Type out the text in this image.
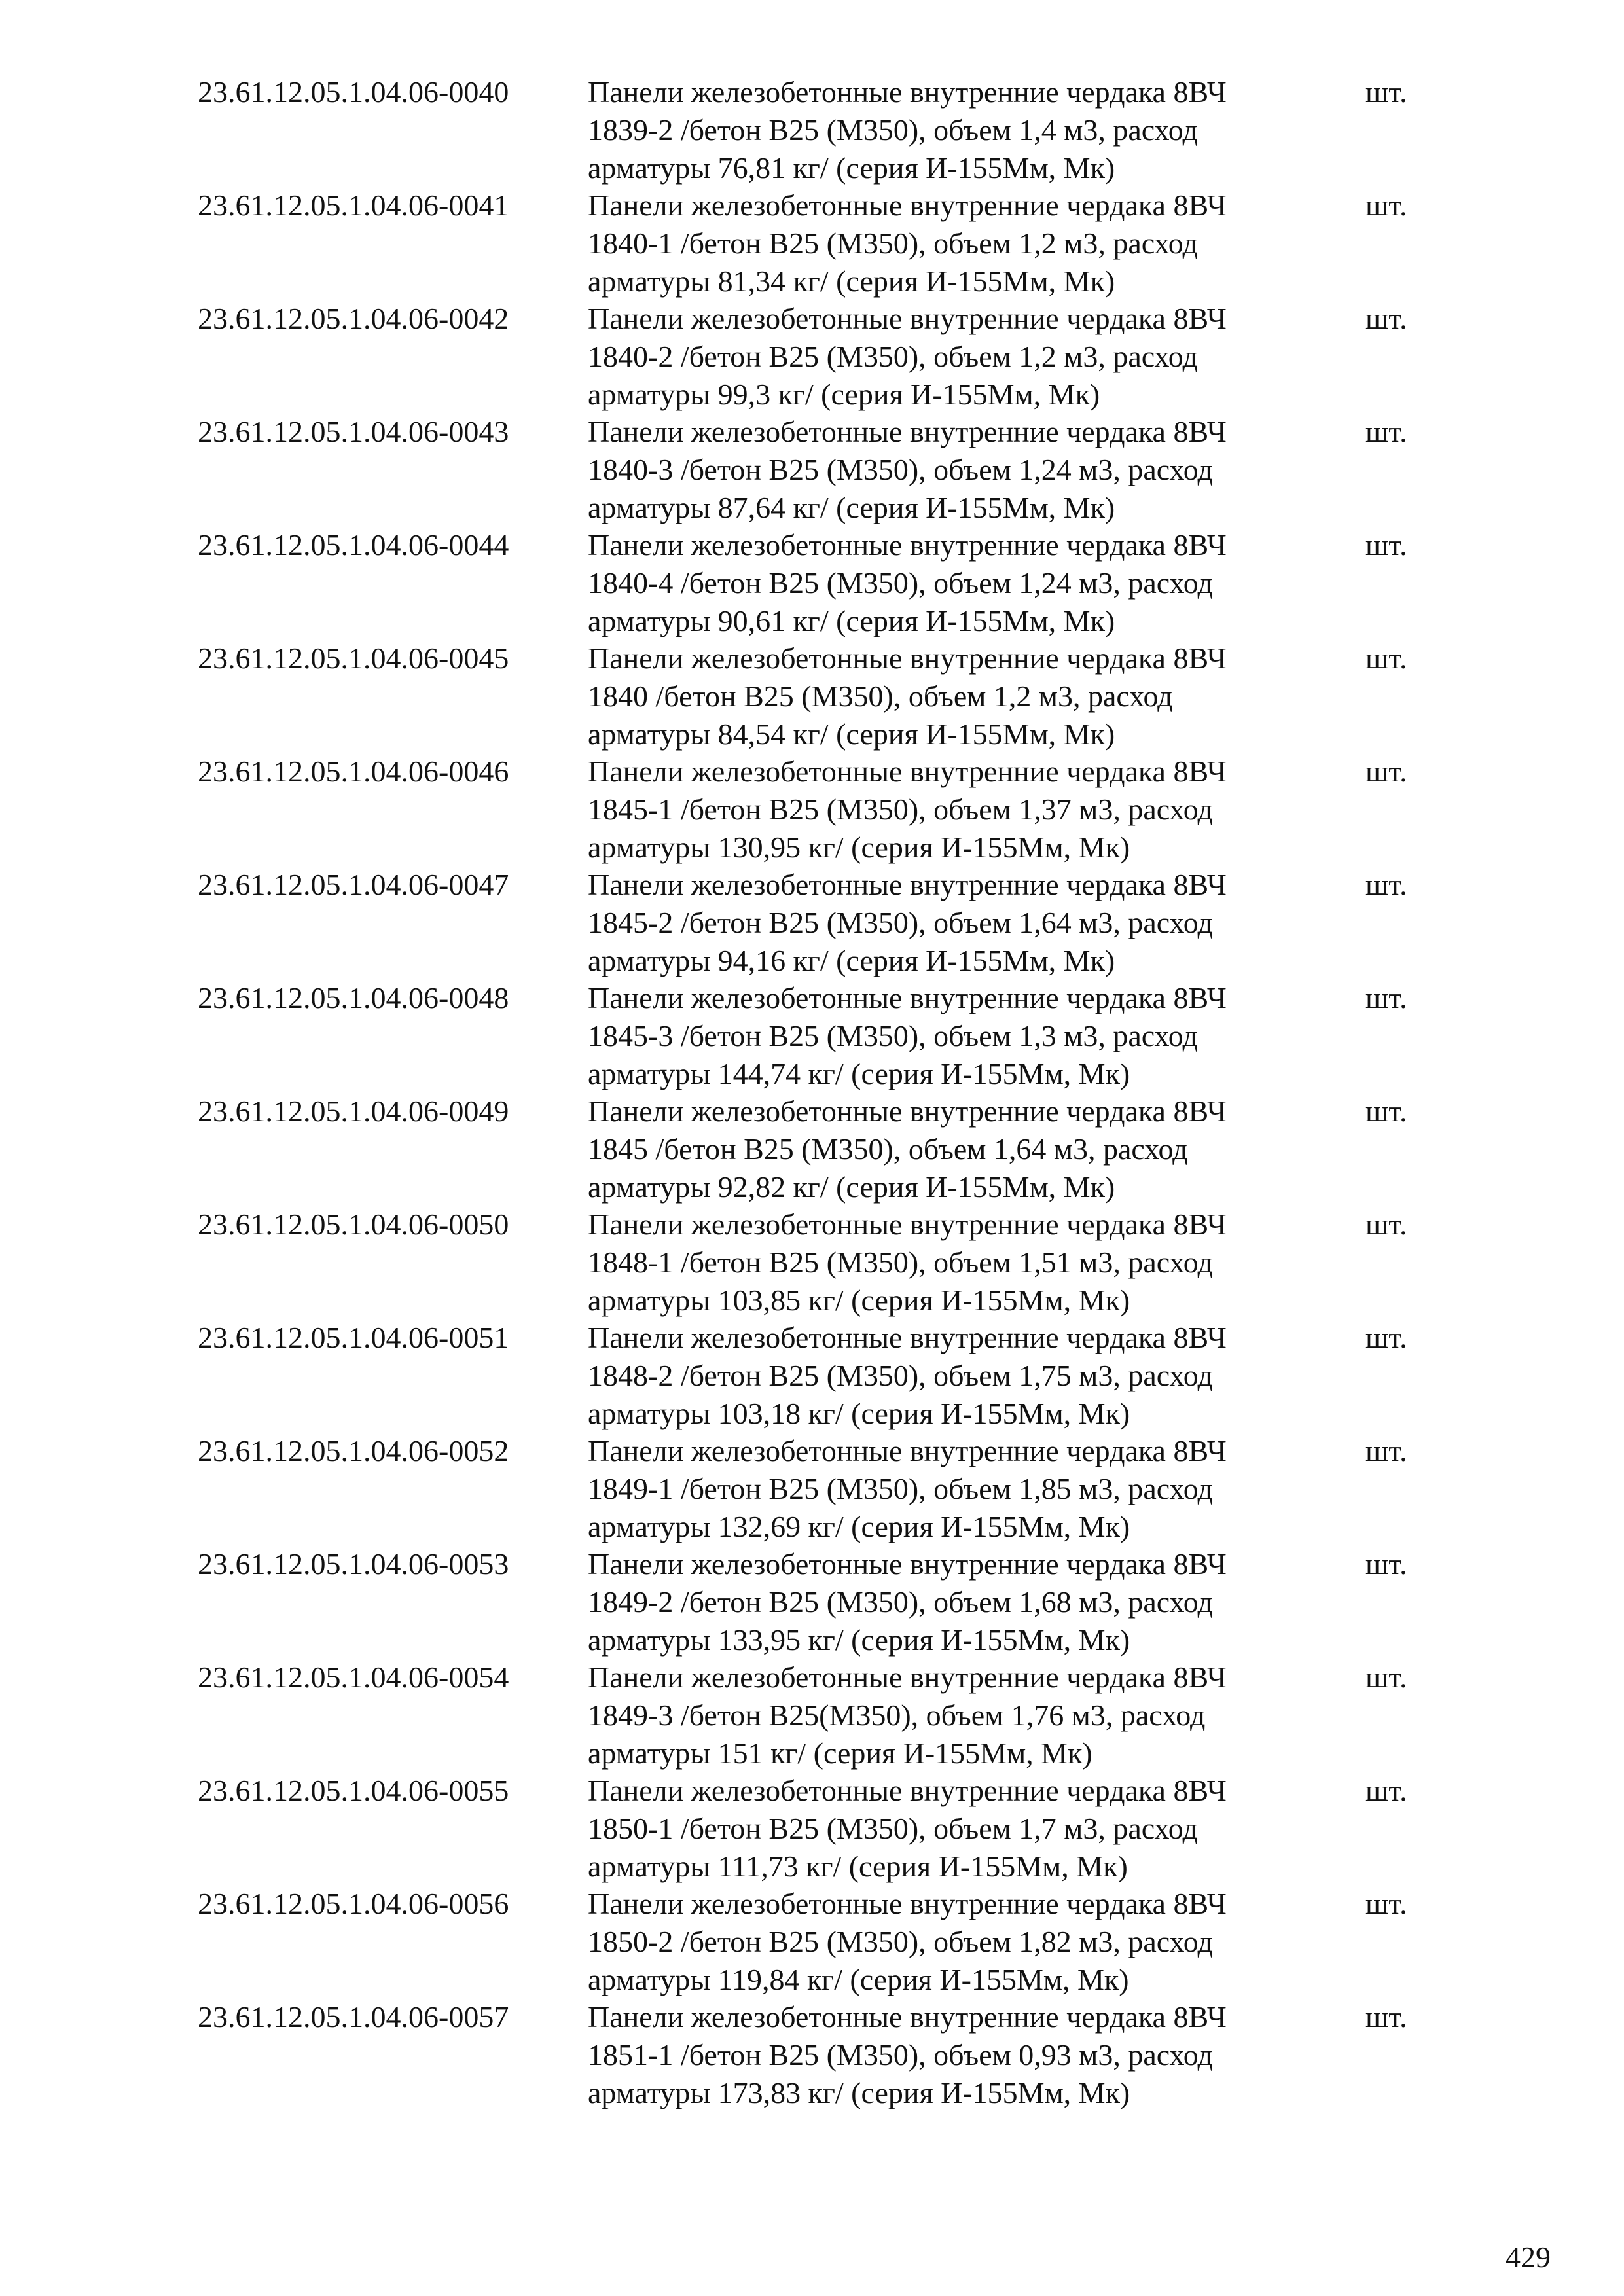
23.61.12.05.1.04.06-0040	Панели железобетонные внутренние чердака 8ВЧ
1839-2 /бетон В25 (М350), объем 1,4 м3, расход
арматуры 76,81 кг/ (серия И-155Мм, Мк)
шт.
23.61.12.05.1.04.06-0041	Панели железобетонные внутренние чердака 8ВЧ
1840-1 /бетон В25 (М350), объем 1,2 м3, расход
арматуры 81,34 кг/ (серия И-155Мм, Мк)
шт.
23.61.12.05.1.04.06-0042	Панели железобетонные внутренние чердака 8ВЧ
1840-2 /бетон В25 (М350), объем 1,2 м3, расход
арматуры 99,3 кг/ (серия И-155Мм, Мк)
шт.
23.61.12.05.1.04.06-0043	Панели железобетонные внутренние чердака 8ВЧ
1840-3 /бетон В25 (М350), объем 1,24 м3, расход
арматуры 87,64 кг/ (серия И-155Мм, Мк)
шт.
23.61.12.05.1.04.06-0044	Панели железобетонные внутренние чердака 8ВЧ
1840-4 /бетон В25 (М350), объем 1,24 м3, расход
арматуры 90,61 кг/ (серия И-155Мм, Мк)
шт.
23.61.12.05.1.04.06-0045	Панели железобетонные внутренние чердака 8ВЧ
1840 /бетон В25 (М350), объем 1,2 м3, расход
арматуры 84,54 кг/ (серия И-155Мм, Мк)
шт.
23.61.12.05.1.04.06-0046	Панели железобетонные внутренние чердака 8ВЧ
1845-1 /бетон В25 (М350), объем 1,37 м3, расход
арматуры 130,95 кг/ (серия И-155Мм, Мк)
шт.
23.61.12.05.1.04.06-0047	Панели железобетонные внутренние чердака 8ВЧ
1845-2 /бетон В25 (М350), объем 1,64 м3, расход
арматуры 94,16 кг/ (серия И-155Мм, Мк)
шт.
23.61.12.05.1.04.06-0048	Панели железобетонные внутренние чердака 8ВЧ
1845-3 /бетон В25 (М350), объем 1,3 м3, расход
арматуры 144,74 кг/ (серия И-155Мм, Мк)
шт.
23.61.12.05.1.04.06-0049	Панели железобетонные внутренние чердака 8ВЧ
1845 /бетон В25 (М350), объем 1,64 м3, расход
арматуры 92,82 кг/ (серия И-155Мм, Мк)
шт.
23.61.12.05.1.04.06-0050	Панели железобетонные внутренние чердака 8ВЧ
1848-1 /бетон В25 (М350), объем 1,51 м3, расход
арматуры 103,85 кг/ (серия И-155Мм, Мк)
шт.
23.61.12.05.1.04.06-0051	Панели железобетонные внутренние чердака 8ВЧ
1848-2 /бетон В25 (М350), объем 1,75 м3, расход
арматуры 103,18 кг/ (серия И-155Мм, Мк)
шт.
23.61.12.05.1.04.06-0052	Панели железобетонные внутренние чердака 8ВЧ
1849-1 /бетон В25 (М350), объем 1,85 м3, расход
арматуры 132,69 кг/ (серия И-155Мм, Мк)
шт.
23.61.12.05.1.04.06-0053	Панели железобетонные внутренние чердака 8ВЧ
1849-2 /бетон В25 (М350), объем 1,68 м3, расход
арматуры 133,95 кг/ (серия И-155Мм, Мк)
шт.
23.61.12.05.1.04.06-0054	Панели железобетонные внутренние чердака 8ВЧ
1849-3 /бетон В25(М350), объем 1,76 м3, расход
арматуры 151 кг/ (серия И-155Мм, Мк)
шт.
23.61.12.05.1.04.06-0055	Панели железобетонные внутренние чердака 8ВЧ
1850-1 /бетон В25 (М350), объем 1,7 м3, расход
арматуры 111,73 кг/ (серия И-155Мм, Мк)
шт.
23.61.12.05.1.04.06-0056	Панели железобетонные внутренние чердака 8ВЧ
1850-2 /бетон В25 (М350), объем 1,82 м3, расход
арматуры 119,84 кг/ (серия И-155Мм, Мк)
шт.
23.61.12.05.1.04.06-0057	Панели железобетонные внутренние чердака 8ВЧ
1851-1 /бетон В25 (М350), объем 0,93 м3, расход
арматуры 173,83 кг/ (серия И-155Мм, Мк)
шт.
429
